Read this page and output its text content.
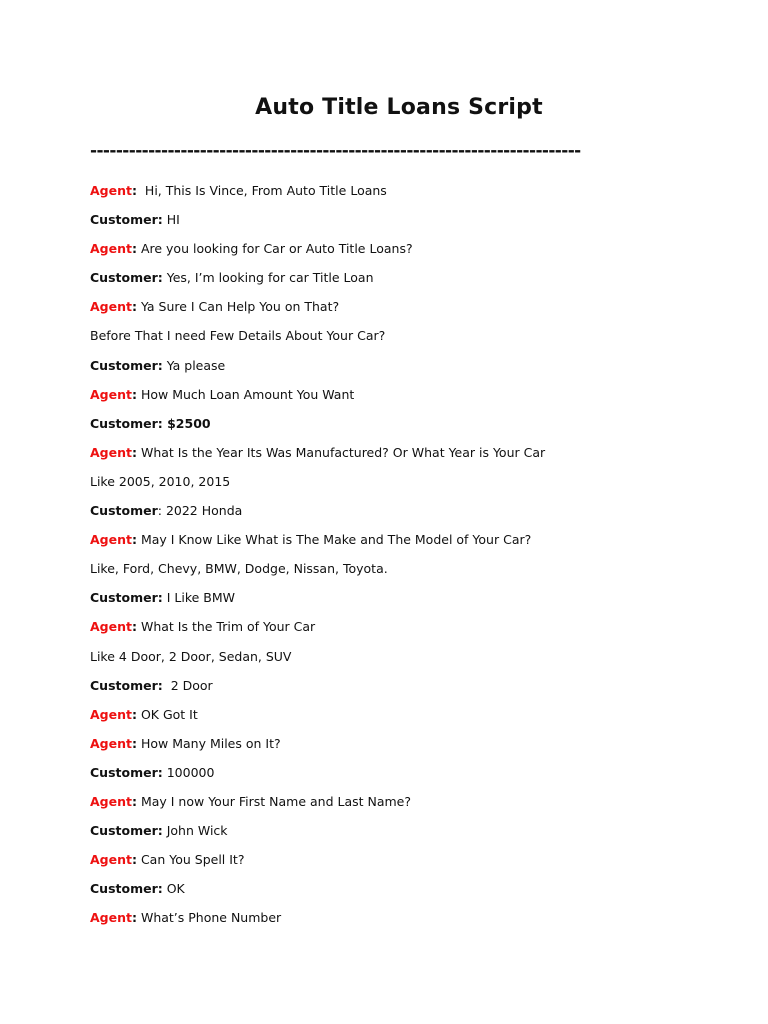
Auto Title Loans Script
----------------------------------------------------------------------------
Agent:  Hi, This Is Vince, From Auto Title Loans
Customer: HI
Agent: Are you looking for Car or Auto Title Loans?
Customer: Yes, I’m looking for car Title Loan
Agent: Ya Sure I Can Help You on That?
Before That I need Few Details About Your Car?
Customer: Ya please
Agent: How Much Loan Amount You Want
Customer: $2500
Agent: What Is the Year Its Was Manufactured? Or What Year is Your Car
Like 2005, 2010, 2015
Customer: 2022 Honda
Agent: May I Know Like What is The Make and The Model of Your Car?
Like, Ford, Chevy, BMW, Dodge, Nissan, Toyota.
Customer: I Like BMW
Agent: What Is the Trim of Your Car
Like 4 Door, 2 Door, Sedan, SUV
Customer:  2 Door
Agent: OK Got It
Agent: How Many Miles on It?
Customer: 100000
Agent: May I now Your First Name and Last Name?
Customer: John Wick
Agent: Can You Spell It?
Customer: OK
Agent: What’s Phone Number
